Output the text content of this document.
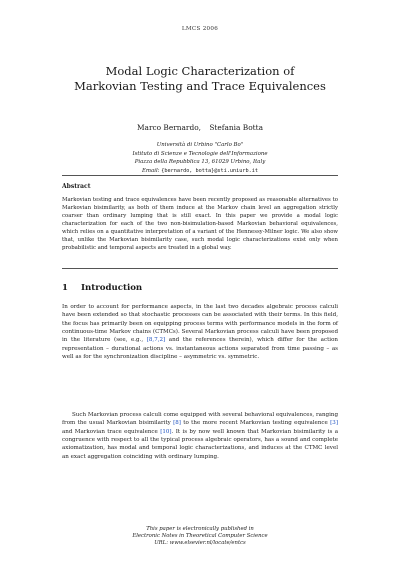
LMCS 2006
Modal Logic Characterization of
Markovian Testing and Trace Equivalences
Marco Bernardo, Stefania Botta
Università di Urbino "Carlo Bo"
Istituto di Scienze e Tecnologie dell'Informazione
Piazza della Repubblica 13, 61029 Urbino, Italy
Email: {bernardo, botta}@sti.uniurb.it
Abstract
Markovian testing and trace equivalences have been recently proposed as reasonable alternatives to Markovian bisimilarity, as both of them induce at the Markov chain level an aggregation strictly coarser than ordinary lumping that is still exact. In this paper we provide a modal logic characterization for each of the two non-bisimulation-based Markovian behavioral equivalences, which relies on a quantitative interpretation of a variant of the Hennessy-Milner logic. We also show that, unlike the Markovian bisimilarity case, such modal logic characterizations exist only when probabilistic and temporal aspects are treated in a global way.
1 Introduction
In order to account for performance aspects, in the last two decades algebraic process calculi have been extended so that stochastic processes can be associated with their terms. In this field, the focus has primarily been on equipping process terms with performance models in the form of continuous-time Markov chains (CTMCs). Several Markovian process calculi have been proposed in the literature (see, e.g., [8,7,2] and the references therein), which differ for the action representation – durational actions vs. instantaneous actions separated from time passing – as well as for the synchronization discipline – asymmetric vs. symmetric.
Such Markovian process calculi come equipped with several behavioral equivalences, ranging from the usual Markovian bisimilarity [8] to the more recent Markovian testing equivalence [3] and Markovian trace equivalence [10]. It is by now well known that Markovian bisimilarity is a congruence with respect to all the typical process algebraic operators, has a sound and complete axiomatization, has modal and temporal logic characterizations, and induces at the CTMC level an exact aggregation coinciding with ordinary lumping.
This paper is electronically published in
Electronic Notes in Theoretical Computer Science
URL: www.elsevier.nl/locate/entcs
